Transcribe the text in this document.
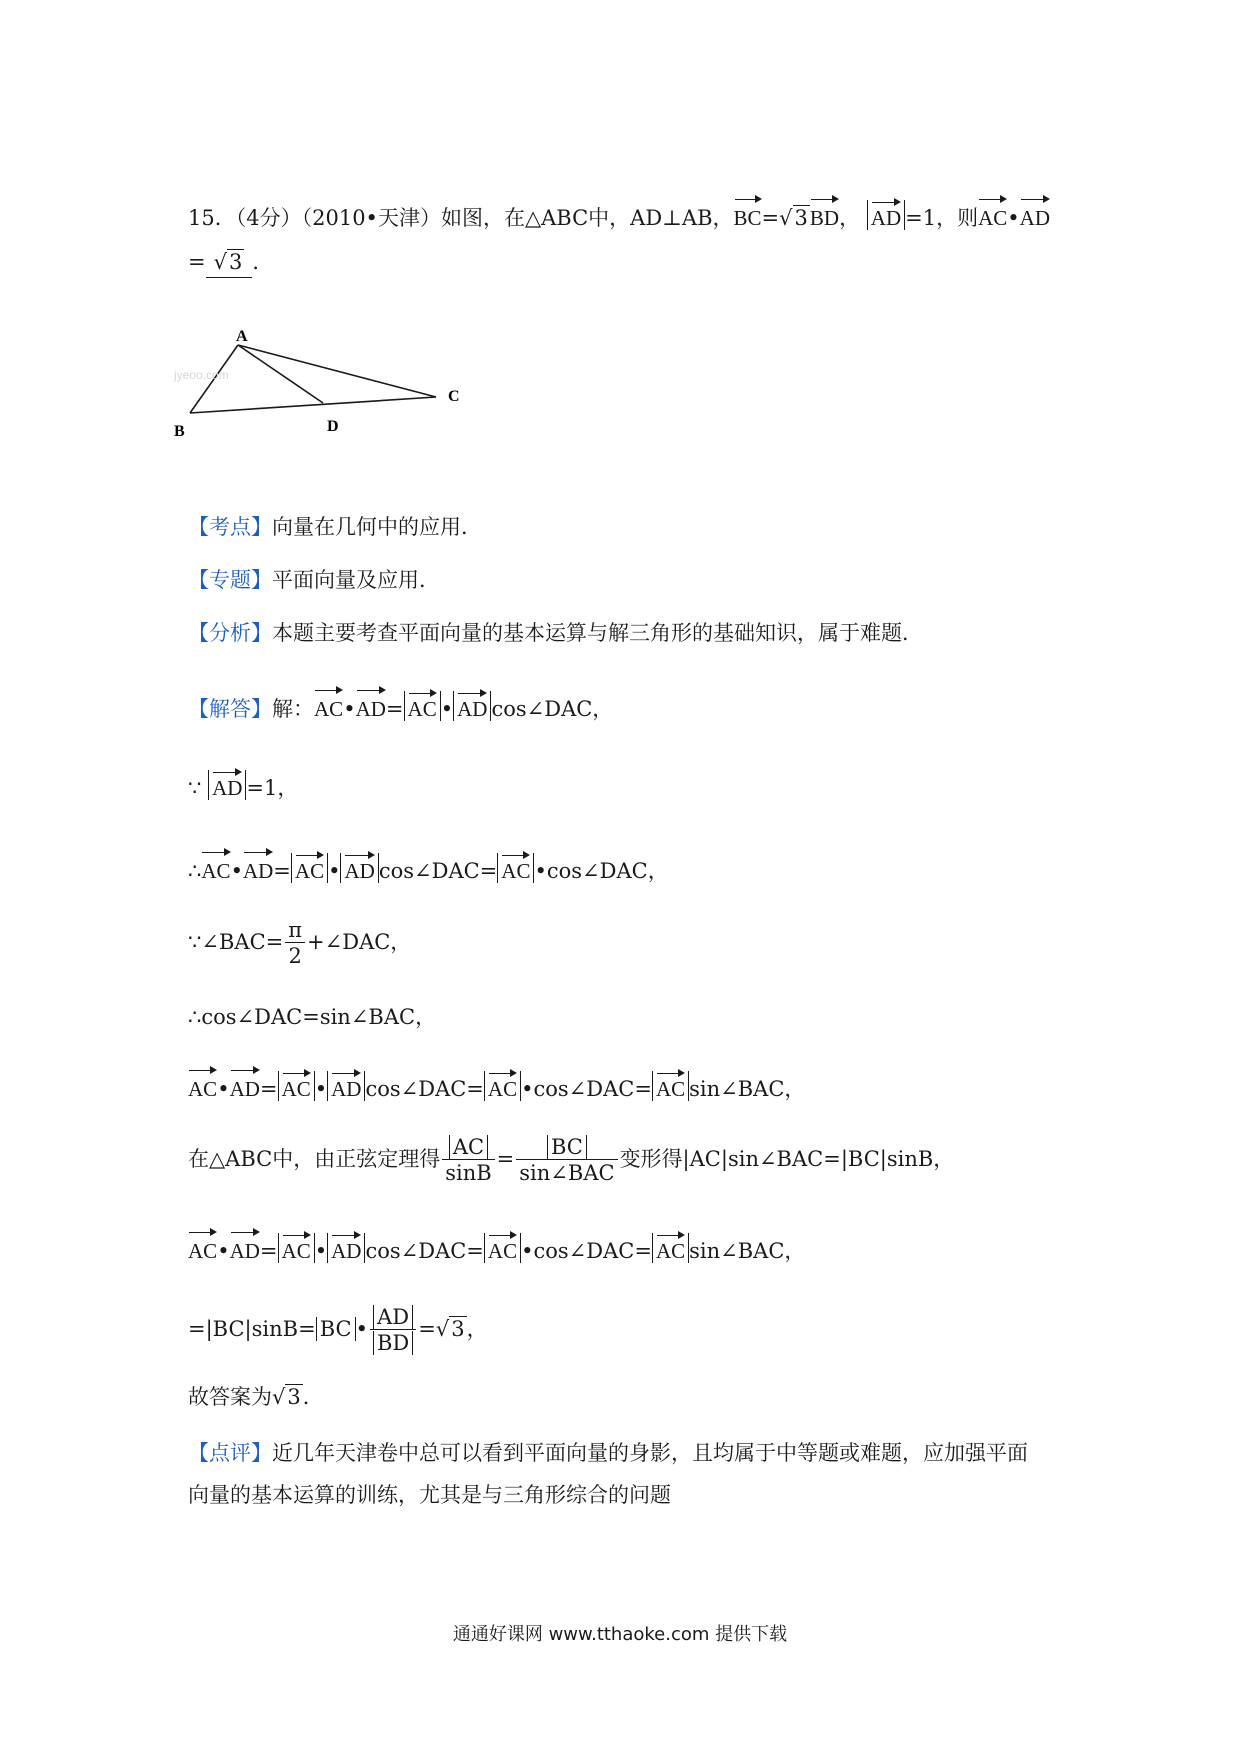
15．（4分）（2010•天津）如图，在△ABC中，AD⊥AB，BC=√3BD， AD =1，则AC•AD
= √3 ．
A
B
C
D
jyeoo.com
【考点】向量在几何中的应用．
【专题】平面向量及应用．
【分析】本题主要考查平面向量的基本运算与解三角形的基础知识，属于难题．
【解答】解：AC•AD= AC • AD cos∠DAC，
∵ AD =1，
∴AC•AD= AC • AD cos∠DAC= AC •cos∠DAC，
∵∠BAC= $\frac{\pi}{2}$ +∠DAC，
∴cos∠DAC=sin∠BAC，
AC•AD= AC • AD cos∠DAC= AC •cos∠DAC= AC sin∠BAC，
在△ABC中，由正弦定理得 $\frac{AC}{\sin B} = \frac{BC}{\text{sin∠BAC}}$ 变形得|AC|sin∠BAC=|BC|sinB，
AC•AD= AC • AD cos∠DAC= AC •cos∠DAC= AC sin∠BAC，
=|BC|sinB= BC • $\frac{AD}{BD} =√3$，
故答案为√3．
【点评】近几年天津卷中总可以看到平面向量的身影，且均属于中等题或难题，应加强平面
向量的基本运算的训练，尤其是与三角形综合的问题
通通好课网 www.tthaoke.com 提供下载
